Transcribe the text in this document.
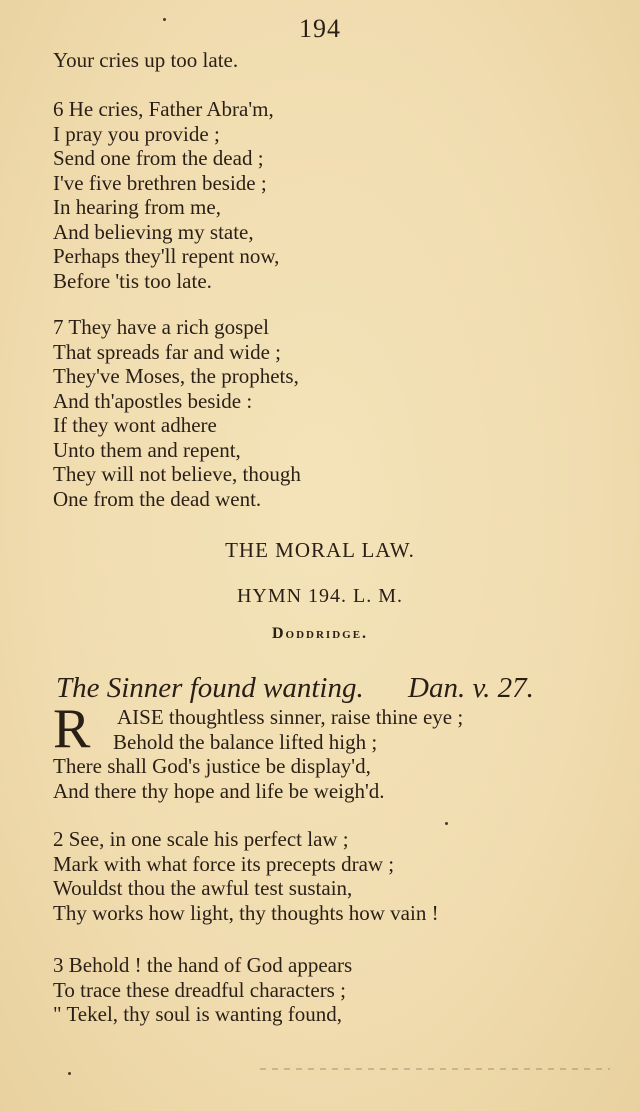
194
Your cries up too late.
6 He cries, Father Abra'm,
I pray you provide ;
Send one from the dead ;
I've five brethren beside ;
In hearing from me,
And believing my state,
Perhaps they'll repent now,
Before 'tis too late.
7 They have a rich gospel
That spreads far and wide ;
They've Moses, the prophets,
And th'apostles beside :
If they wont adhere
Unto them and repent,
They will not believe, though
One from the dead went.
THE MORAL LAW.
HYMN 194. L. M.
Doddridge.
The Sinner found wanting. Dan. v. 27.
R	AISE thoughtless sinner, raise thine eye ;
Behold the balance lifted high ;
There shall God's justice be display'd,
And there thy hope and life be weigh'd.
2 See, in one scale his perfect law ;
Mark with what force its precepts draw ;
Wouldst thou the awful test sustain,
Thy works how light, thy thoughts how vain !
3 Behold ! the hand of God appears
To trace these dreadful characters ;
" Tekel, thy soul is wanting found,
